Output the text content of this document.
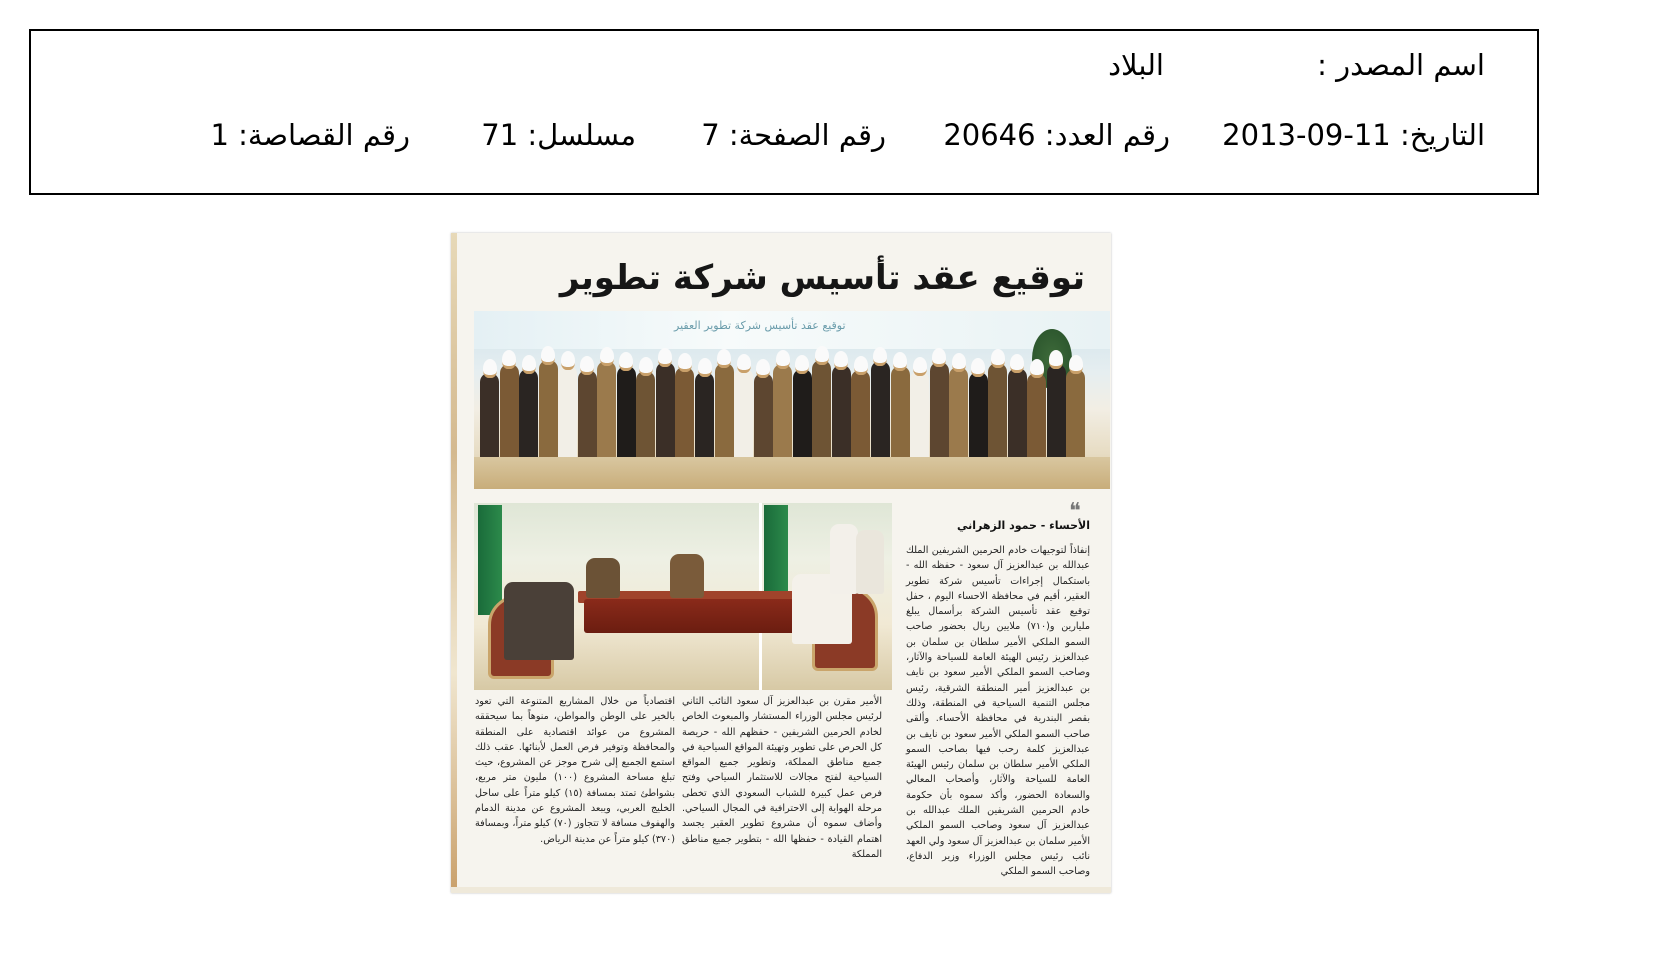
اسم المصدر :
البلاد
التاريخ: 11-09-2013
رقم العدد: 20646
رقم الصفحة: 7
مسلسل: 71
رقم القصاصة: 1
توقيع عقد تأسيس شركة تطوير
توقيع عقد تأسيس شركة تطوير العقير
❝
الأحساء - حمود الزهراني

إنفاذاً لتوجيهات خادم الحرمين الشريفين الملك عبدالله بن عبدالعزيز آل سعود - حفظه الله - باستكمال إجراءات تأسيس شركة تطوير العقير، أقيم في محافظة الاحساء اليوم ، حفل توقيع عقد تأسيس الشركة برأسمال يبلغ مليارين و(٧١٠) ملايين ريال بحضور صاحب السمو الملكي الأمير سلطان بن سلمان بن عبدالعزيز رئيس الهيئة العامة للسياحة والآثار، وصاحب السمو الملكي الأمير سعود بن نايف بن عبدالعزيز أمير المنطقة الشرقية، رئيس مجلس التنمية السياحية في المنطقة، وذلك بقصر البندرية في محافظة الأحساء. وألقى صاحب السمو الملكي الأمير سعود بن نايف بن عبدالعزيز كلمة رحب فيها بصاحب السمو الملكي الأمير سلطان بن سلمان رئيس الهيئة العامة للسياحة والآثار، وأصحاب المعالي والسعادة الحضور، وأكد سموه بأن حكومة خادم الحرمين الشريفين الملك عبدالله بن عبدالعزيز آل سعود وصاحب السمو الملكي الأمير سلمان بن عبدالعزيز آل سعود ولي العهد نائب رئيس مجلس الوزراء وزير الدفاع، وصاحب السمو الملكي

الأمير مقرن بن عبدالعزيز آل سعود النائب الثاني لرئيس مجلس الوزراء المستشار والمبعوث الخاص لخادم الحرمين الشريفين - حفظهم الله - حريصة كل الحرص على تطوير وتهيئة المواقع السياحية في جميع مناطق المملكة، وتطوير جميع المواقع السياحية لفتح مجالات للاستثمار السياحي وفتح فرص عمل كبيرة للشباب السعودي الذي تخطى مرحلة الهواية إلى الاحترافية في المجال السياحي. وأضاف سموه أن مشروع تطوير العقير يجسد اهتمام القيادة - حفظها الله - بتطوير جميع مناطق المملكة

اقتصادياً من خلال المشاريع المتنوعة التي تعود بالخير على الوطن والمواطن، منوهاً بما سيحققه المشروع من عوائد اقتصادية على المنطقة والمحافظة وتوفير فرص العمل لأبنائها. عقب ذلك استمع الجميع إلى شرح موجز عن المشروع، حيث تبلغ مساحة المشروع (١٠٠) مليون متر مربع، بشواطئ تمتد بمسافة (١٥) كيلو متراً على ساحل الخليج العربي، ويبعد المشروع عن مدينة الدمام والهفوف مسافة لا تتجاوز (٧٠) كيلو متراً، وبمسافة (٣٧٠) كيلو متراً عن مدينة الرياض.
